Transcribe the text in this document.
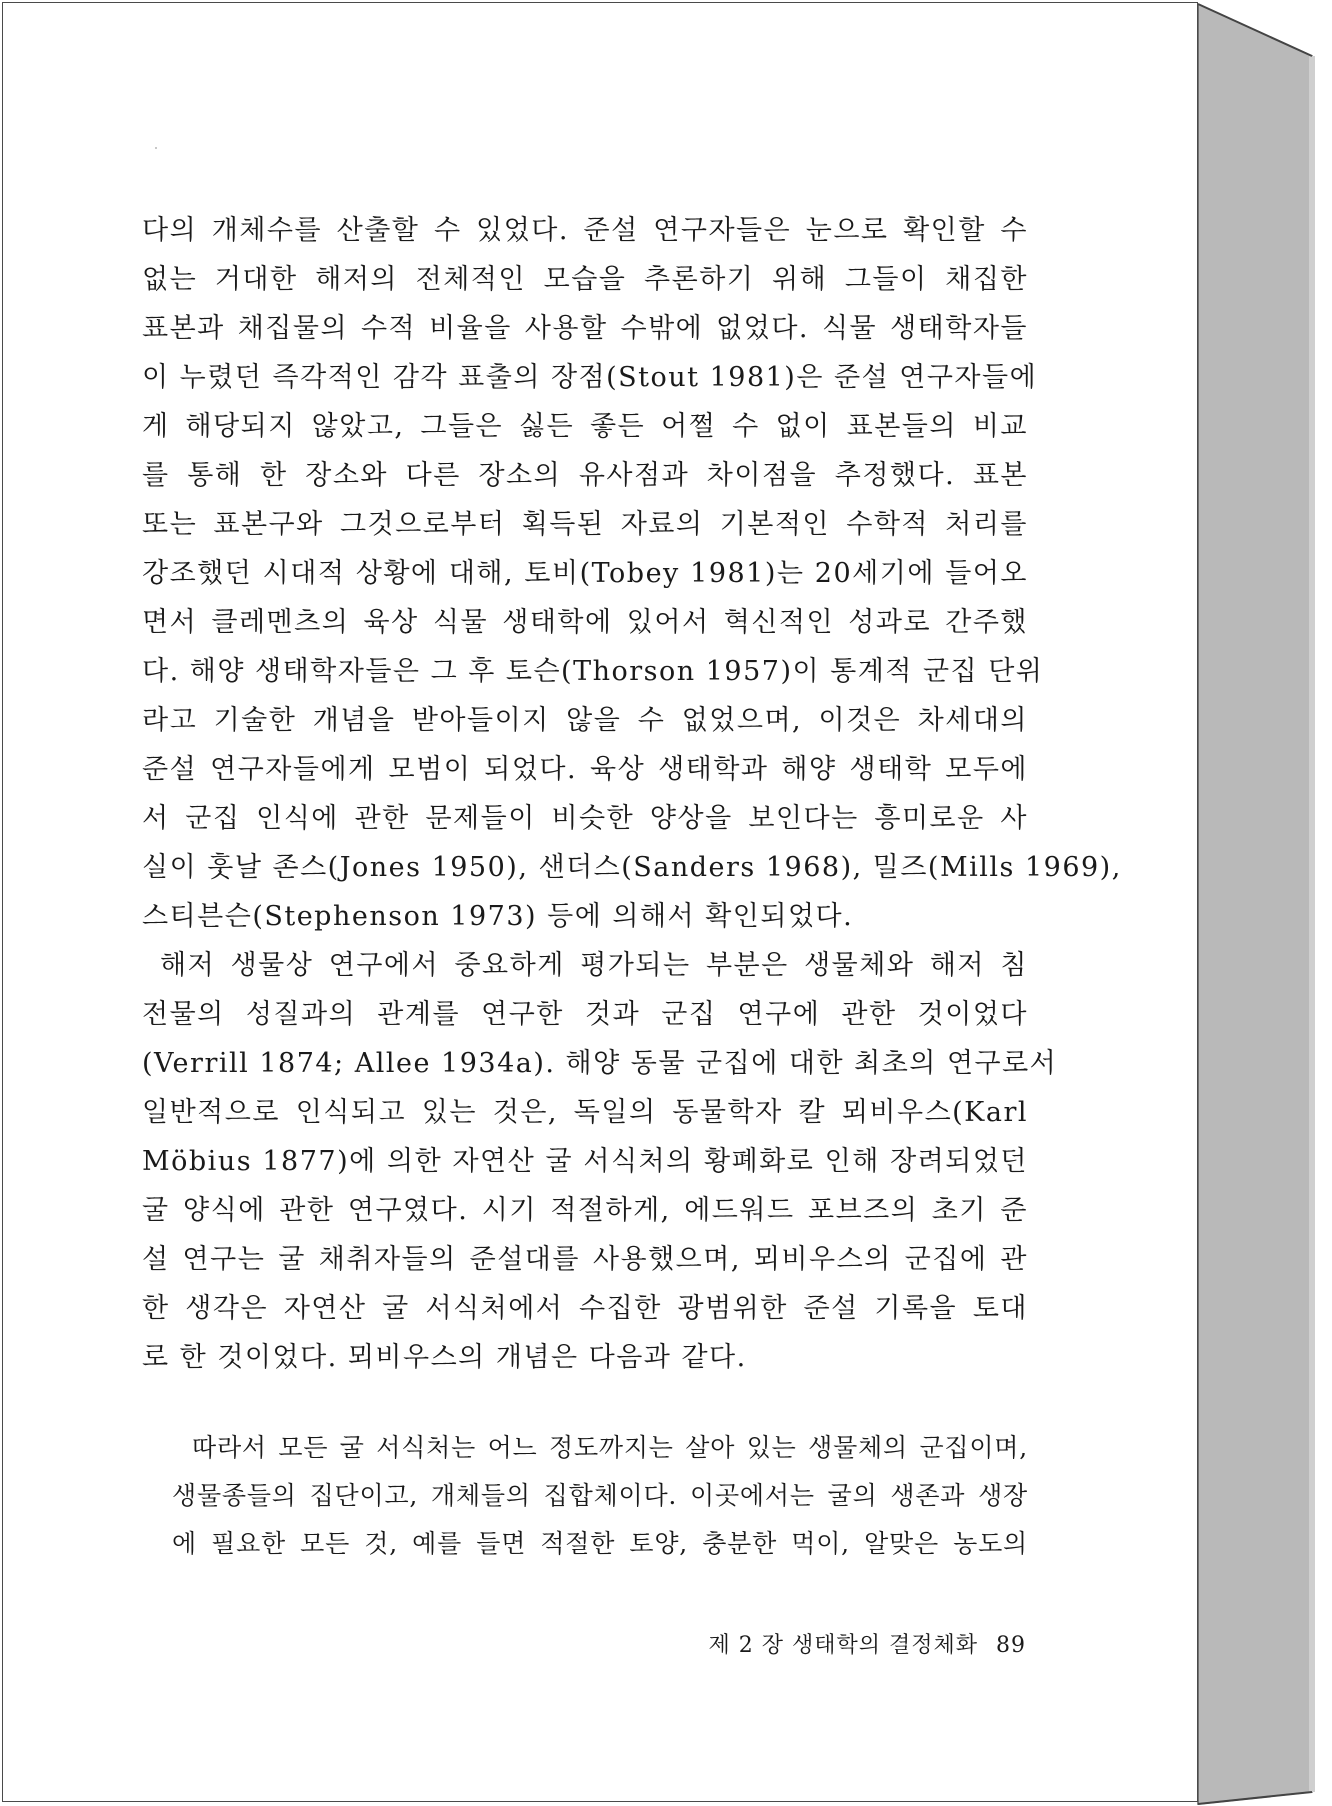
다의 개체수를 산출할 수 있었다. 준설 연구자들은 눈으로 확인할 수
없는 거대한 해저의 전체적인 모습을 추론하기 위해 그들이 채집한
표본과 채집물의 수적 비율을 사용할 수밖에 없었다. 식물 생태학자들
이 누렸던 즉각적인 감각 표출의 장점(Stout 1981)은 준설 연구자들에
게 해당되지 않았고, 그들은 싫든 좋든 어쩔 수 없이 표본들의 비교
를 통해 한 장소와 다른 장소의 유사점과 차이점을 추정했다. 표본
또는 표본구와 그것으로부터 획득된 자료의 기본적인 수학적 처리를
강조했던 시대적 상황에 대해, 토비(Tobey 1981)는 20세기에 들어오
면서 클레멘츠의 육상 식물 생태학에 있어서 혁신적인 성과로 간주했
다. 해양 생태학자들은 그 후 토슨(Thorson 1957)이 통계적 군집 단위
라고 기술한 개념을 받아들이지 않을 수 없었으며, 이것은 차세대의
준설 연구자들에게 모범이 되었다. 육상 생태학과 해양 생태학 모두에
서 군집 인식에 관한 문제들이 비슷한 양상을 보인다는 흥미로운 사
실이 훗날 존스(Jones 1950), 샌더스(Sanders 1968), 밀즈(Mills 1969),
스티븐슨(Stephenson 1973) 등에 의해서 확인되었다.
해저 생물상 연구에서 중요하게 평가되는 부분은 생물체와 해저 침
전물의 성질과의 관계를 연구한 것과 군집 연구에 관한 것이었다
(Verrill 1874; Allee 1934a). 해양 동물 군집에 대한 최초의 연구로서
일반적으로 인식되고 있는 것은, 독일의 동물학자 칼 뫼비우스(Karl
Möbius 1877)에 의한 자연산 굴 서식처의 황폐화로 인해 장려되었던
굴 양식에 관한 연구였다. 시기 적절하게, 에드워드 포브즈의 초기 준
설 연구는 굴 채취자들의 준설대를 사용했으며, 뫼비우스의 군집에 관
한 생각은 자연산 굴 서식처에서 수집한 광범위한 준설 기록을 토대
로 한 것이었다. 뫼비우스의 개념은 다음과 같다.
따라서 모든 굴 서식처는 어느 정도까지는 살아 있는 생물체의 군집이며,
생물종들의 집단이고, 개체들의 집합체이다. 이곳에서는 굴의 생존과 생장
에 필요한 모든 것, 예를 들면 적절한 토양, 충분한 먹이, 알맞은 농도의
제 2 장 생태학의 결정체화 89
